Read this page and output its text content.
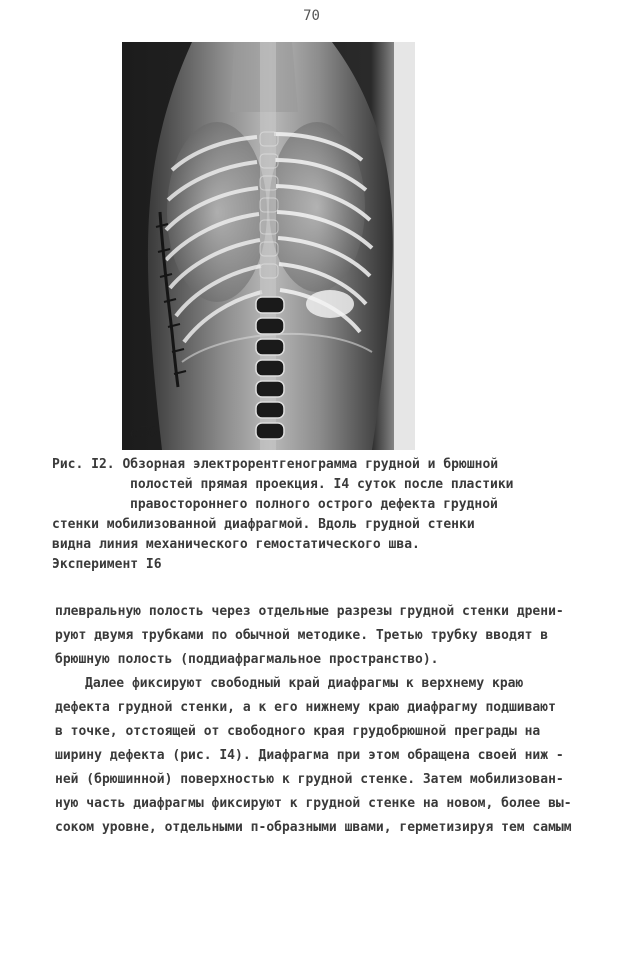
70
с70
Рис. I2. Обзорная электрорентгенограмма грудной и брюшной
полостей прямая проекция. I4 суток после пластики
правостороннего полного острого дефекта грудной
стенки мобилизованной диафрагмой. Вдоль грудной стенки
видна линия механического гемостатического шва.
Эксперимент I6
плевральную полость через отдельные разрезы грудной стенки дрени-
руют двумя трубками по обычной методике. Третью трубку вводят в
брюшную полость (поддиафрагмальное пространство).
Далее фиксируют свободный край диафрагмы к верхнему краю
дефекта грудной стенки, а к его нижнему краю диафрагму подшивают
в точке, отстоящей от свободного края грудобрюшной преграды на
ширину дефекта (рис. I4). Диафрагма при этом обращена своей ниж -
ней (брюшинной) поверхностью к грудной стенке. Затем мобилизован-
ную часть диафрагмы фиксируют к грудной стенке на новом, более вы-
соком уровне, отдельными п-образными швами, герметизируя тем самым
